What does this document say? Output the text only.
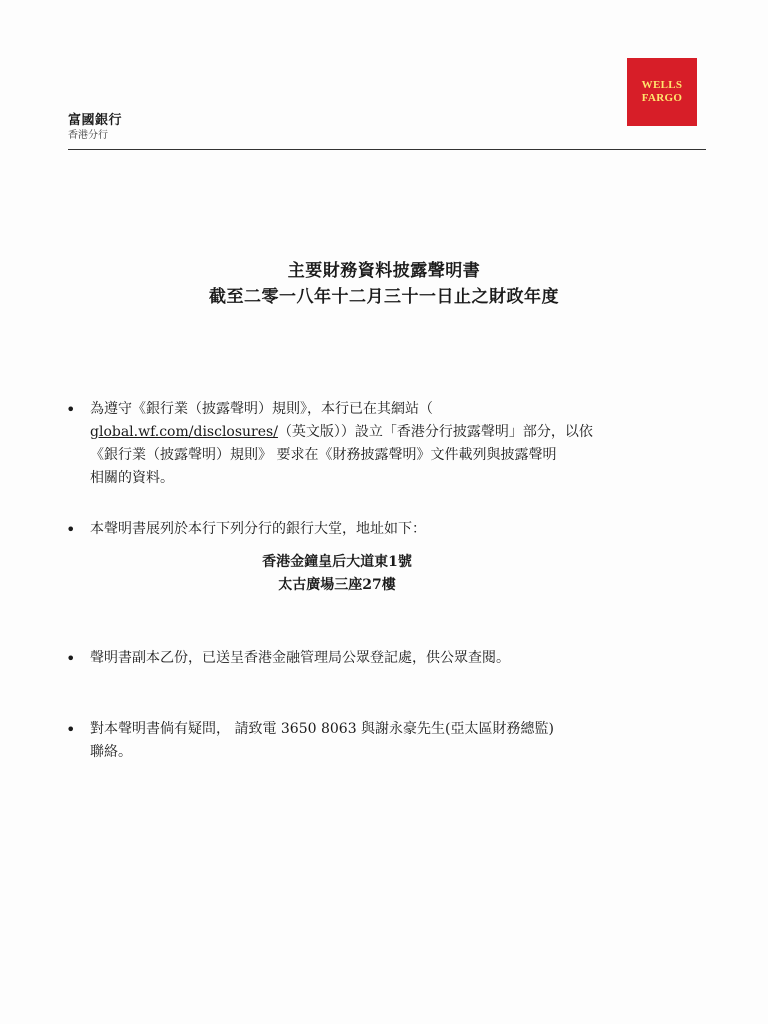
富國銀行
香港分行
WELLS
FARGO
主要財務資料披露聲明書
截至二零一八年十二月三十一日止之財政年度
• 為遵守《銀行業（披露聲明）規則》，本行已在其網站（
global.wf.com/disclosures/（英文版））設立「香港分行披露聲明」部分，以依
《銀行業（披露聲明）規則》 要求在《財務披露聲明》文件載列與披露聲明
相關的資料。
• 本聲明書展列於本行下列分行的銀行大堂，地址如下：
香港金鐘皇后大道東1號
太古廣場三座27樓
• 聲明書副本乙份，已送呈香港金融管理局公眾登記處，供公眾查閱。
• 對本聲明書倘有疑問， 請致電 3650 8063 與謝永豪先生(亞太區財務總監)
聯絡。
